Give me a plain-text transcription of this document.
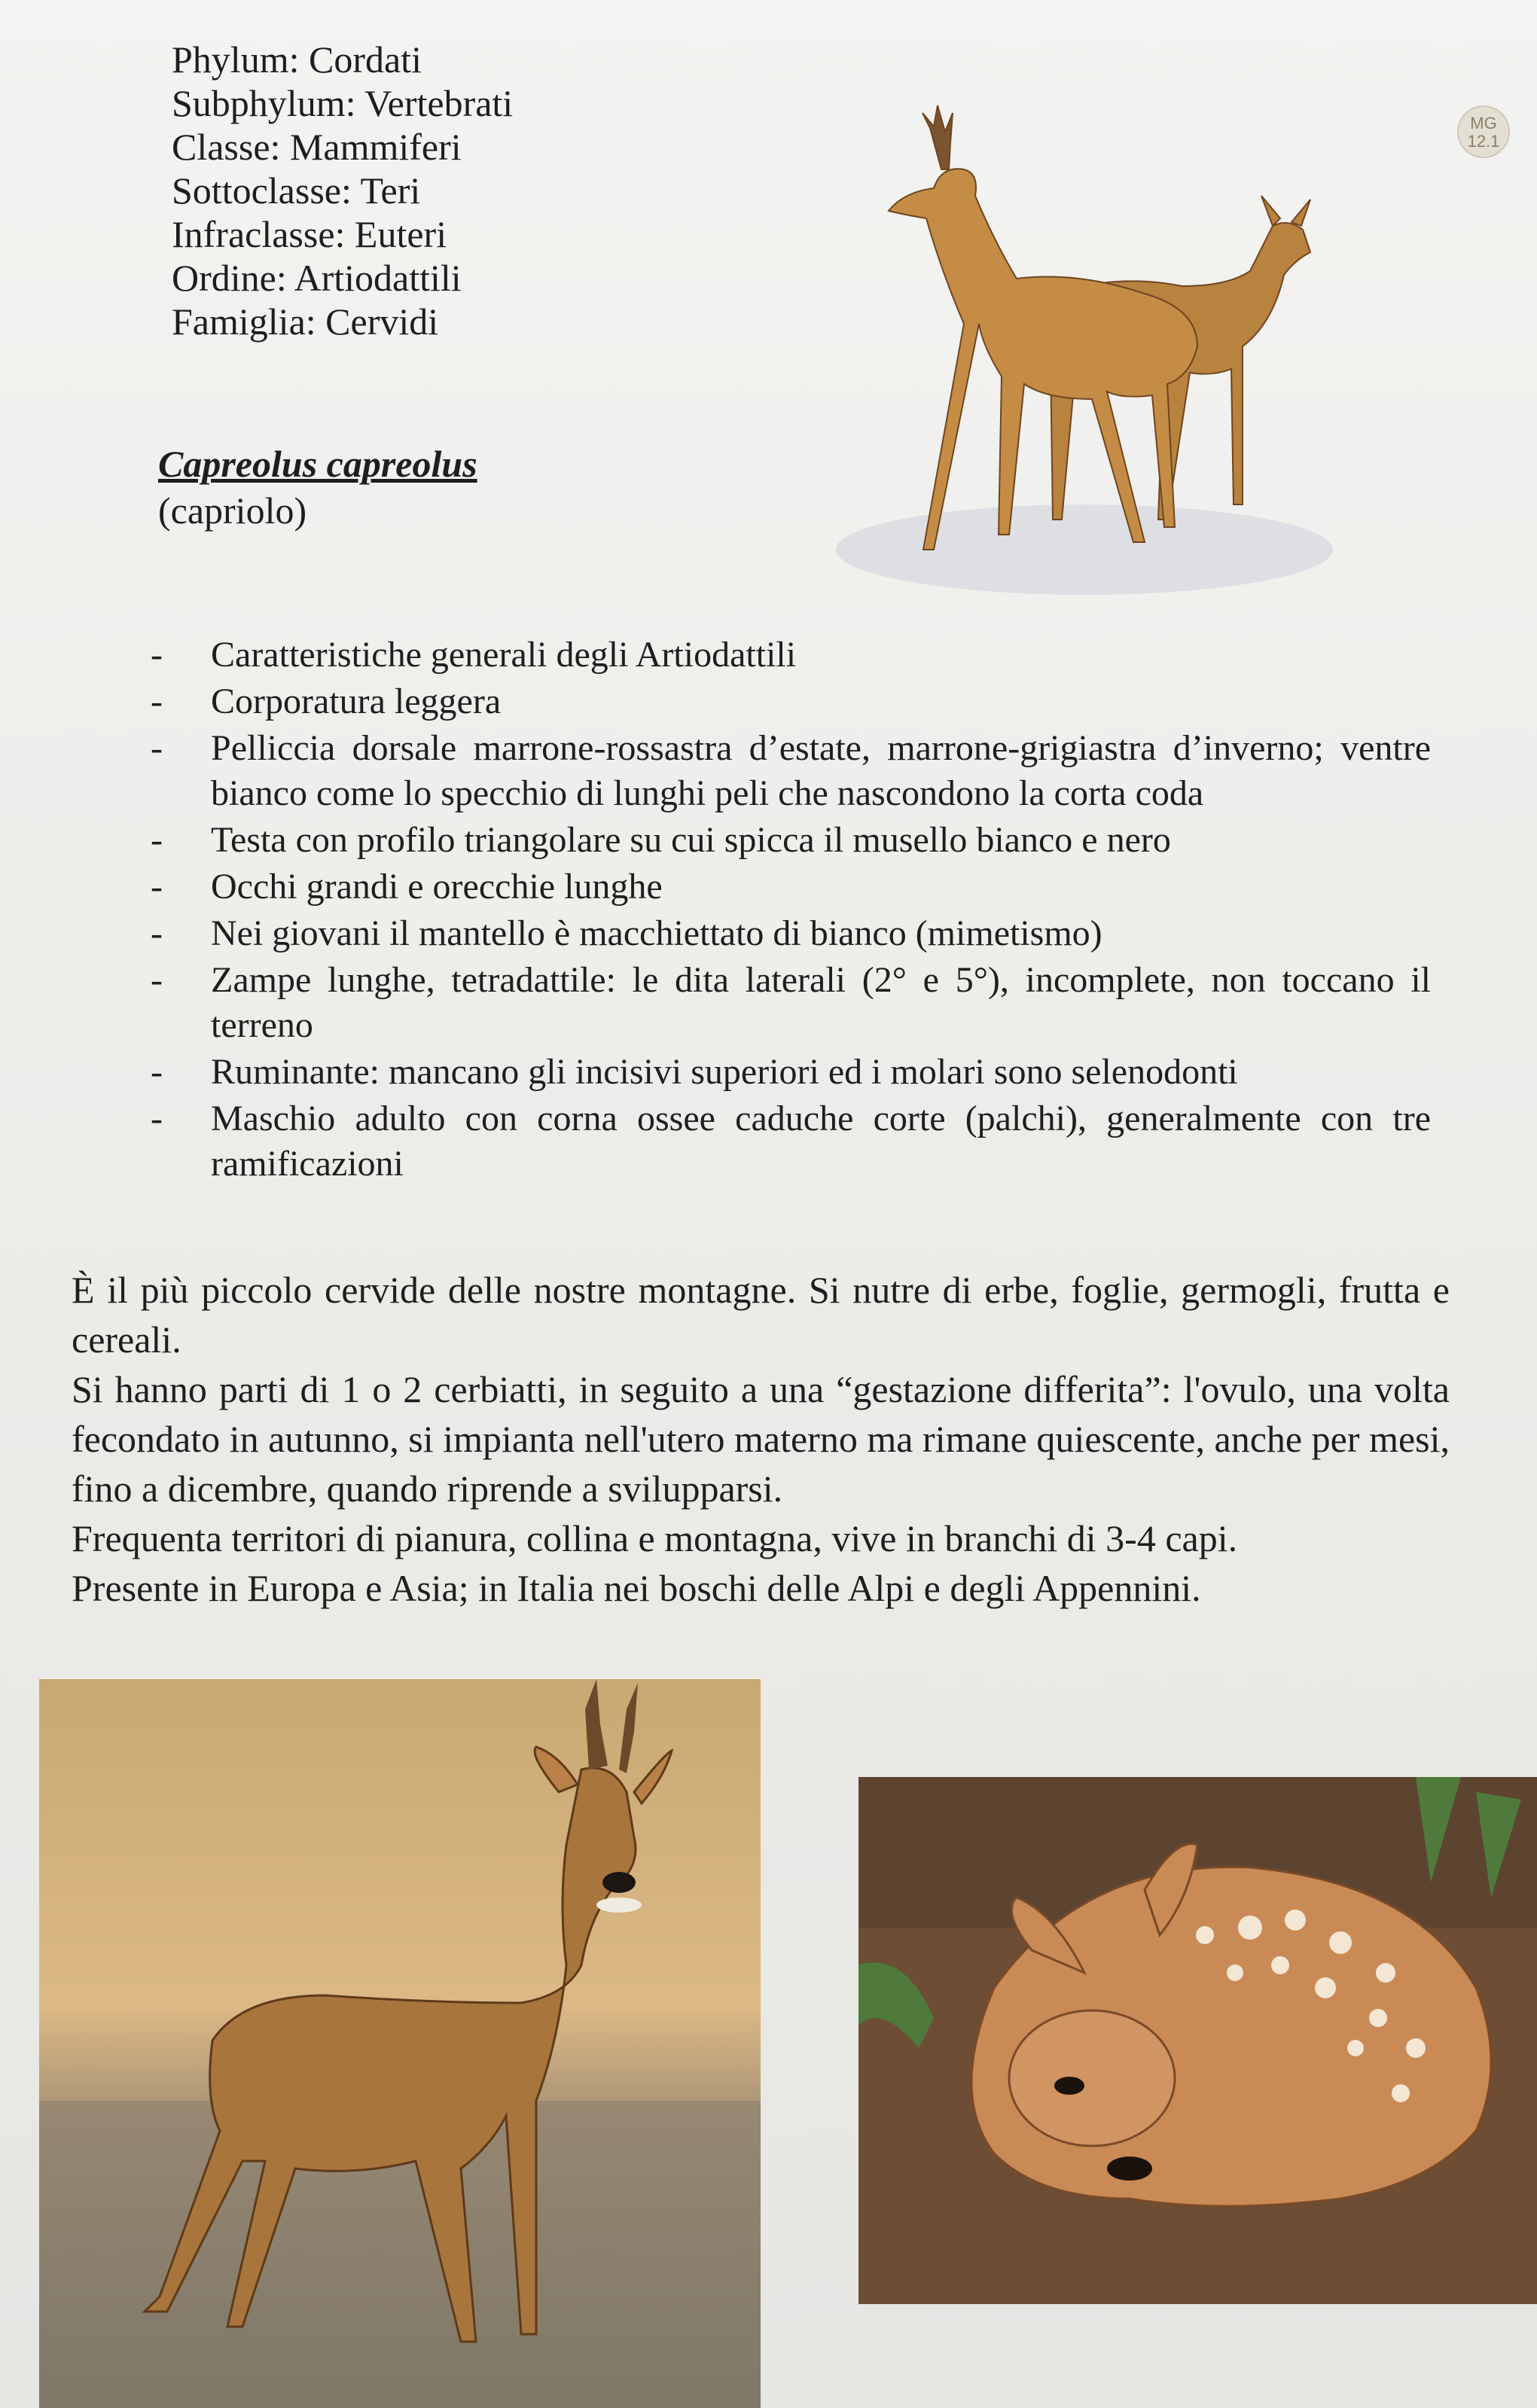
Phylum: Cordati
Subphylum: Vertebrati
Classe: Mammiferi
Sottoclasse: Teri
Infraclasse: Euteri
Ordine: Artiodattili
Famiglia: Cervidi
Capreolus capreolus
(capriolo)
MG
12.1
- Caratteristiche generali degli Artiodattili
- Corporatura leggera
- Pelliccia dorsale marrone-rossastra d’estate, marrone-grigiastra d’inverno; ventre bianco come lo specchio di lunghi peli che nascondono la corta coda
- Testa con profilo triangolare su cui spicca il musello bianco e nero
- Occhi grandi e orecchie lunghe
- Nei giovani il mantello è macchiettato di bianco (mimetismo)
- Zampe lunghe, tetradattile: le dita laterali (2° e 5°), incomplete, non toccano il terreno
- Ruminante: mancano gli incisivi superiori ed i molari sono selenodonti
- Maschio adulto con corna ossee caduche corte (palchi), generalmente con tre ramificazioni

È il più piccolo cervide delle nostre montagne. Si nutre di erbe, foglie, germogli, frutta e cereali.

Si hanno parti di 1 o 2 cerbiatti, in seguito a una “gestazione differita”: l'ovulo, una volta fecondato in autunno, si impianta nell'utero materno ma rimane quiescente, anche per mesi, fino a dicembre, quando riprende a svilupparsi.

Frequenta territori di pianura, collina e montagna, vive in branchi di 3-4 capi.

Presente in Europa e Asia; in Italia nei boschi delle Alpi e degli Appennini.
